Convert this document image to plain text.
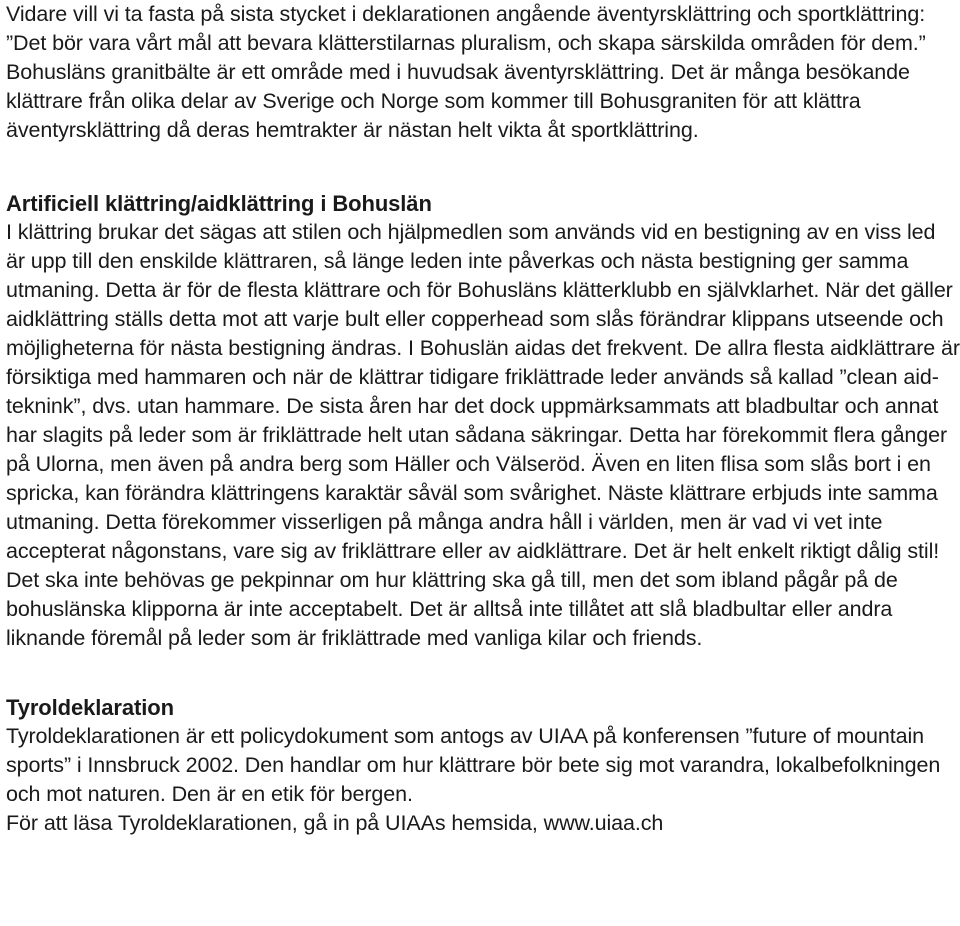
Vidare vill vi ta fasta på sista stycket i deklarationen angående äventyrsklättring och sportklättring: ”Det bör vara vårt mål att bevara klätterstilarnas pluralism, och skapa särskilda områden för dem.” Bohusläns granitbälte är ett område med i huvudsak äventyrsklättring. Det är många besökande klättrare från olika delar av Sverige och Norge som kommer till Bohusgraniten för att klättra äventyrsklättring då deras hemtrakter är nästan helt vikta åt sportklättring.

Artificiell klättring/aidklättring i Bohuslän

I klättring brukar det sägas att stilen och hjälpmedlen som används vid en bestigning av en viss led är upp till den enskilde klättraren, så länge leden inte påverkas och nästa bestigning ger samma utmaning. Detta är för de flesta klättrare och för Bohusläns klätterklubb en självklarhet. När det gäller aidklättring ställs detta mot att varje bult eller copperhead som slås förändrar klippans utseende och möjligheterna för nästa bestigning ändras. I Bohuslän aidas det frekvent. De allra flesta aidklättrare är försiktiga med hammaren och när de klättrar tidigare friklättrade leder används så kallad ”clean aid-teknink”, dvs. utan hammare. De sista åren har det dock uppmärksammats att bladbultar och annat har slagits på leder som är friklättrade helt utan sådana säkringar. Detta har förekommit flera gånger på Ulorna, men även på andra berg som Häller och Välseröd. Även en liten flisa som slås bort i en spricka, kan förändra klättringens karaktär såväl som svårighet. Näste klättrare erbjuds inte samma utmaning. Detta förekommer visserligen på många andra håll i världen, men är vad vi vet inte accepterat någonstans, vare sig av friklättrare eller av aidklättrare. Det är helt enkelt riktigt dålig stil! Det ska inte behövas ge pekpinnar om hur klättring ska gå till, men det som ibland pågår på de bohuslänska klipporna är inte acceptabelt. Det är alltså inte tillåtet att slå bladbultar eller andra liknande föremål på leder som är friklättrade med vanliga kilar och friends.

Tyroldeklaration

Tyroldeklarationen är ett policydokument som antogs av UIAA på konferensen ”future of mountain sports” i Innsbruck 2002. Den handlar om hur klättrare bör bete sig mot varandra, lokalbefolkningen och mot naturen. Den är en etik för bergen.

För att läsa Tyroldeklarationen, gå in på UIAAs hemsida, www.uiaa.ch
